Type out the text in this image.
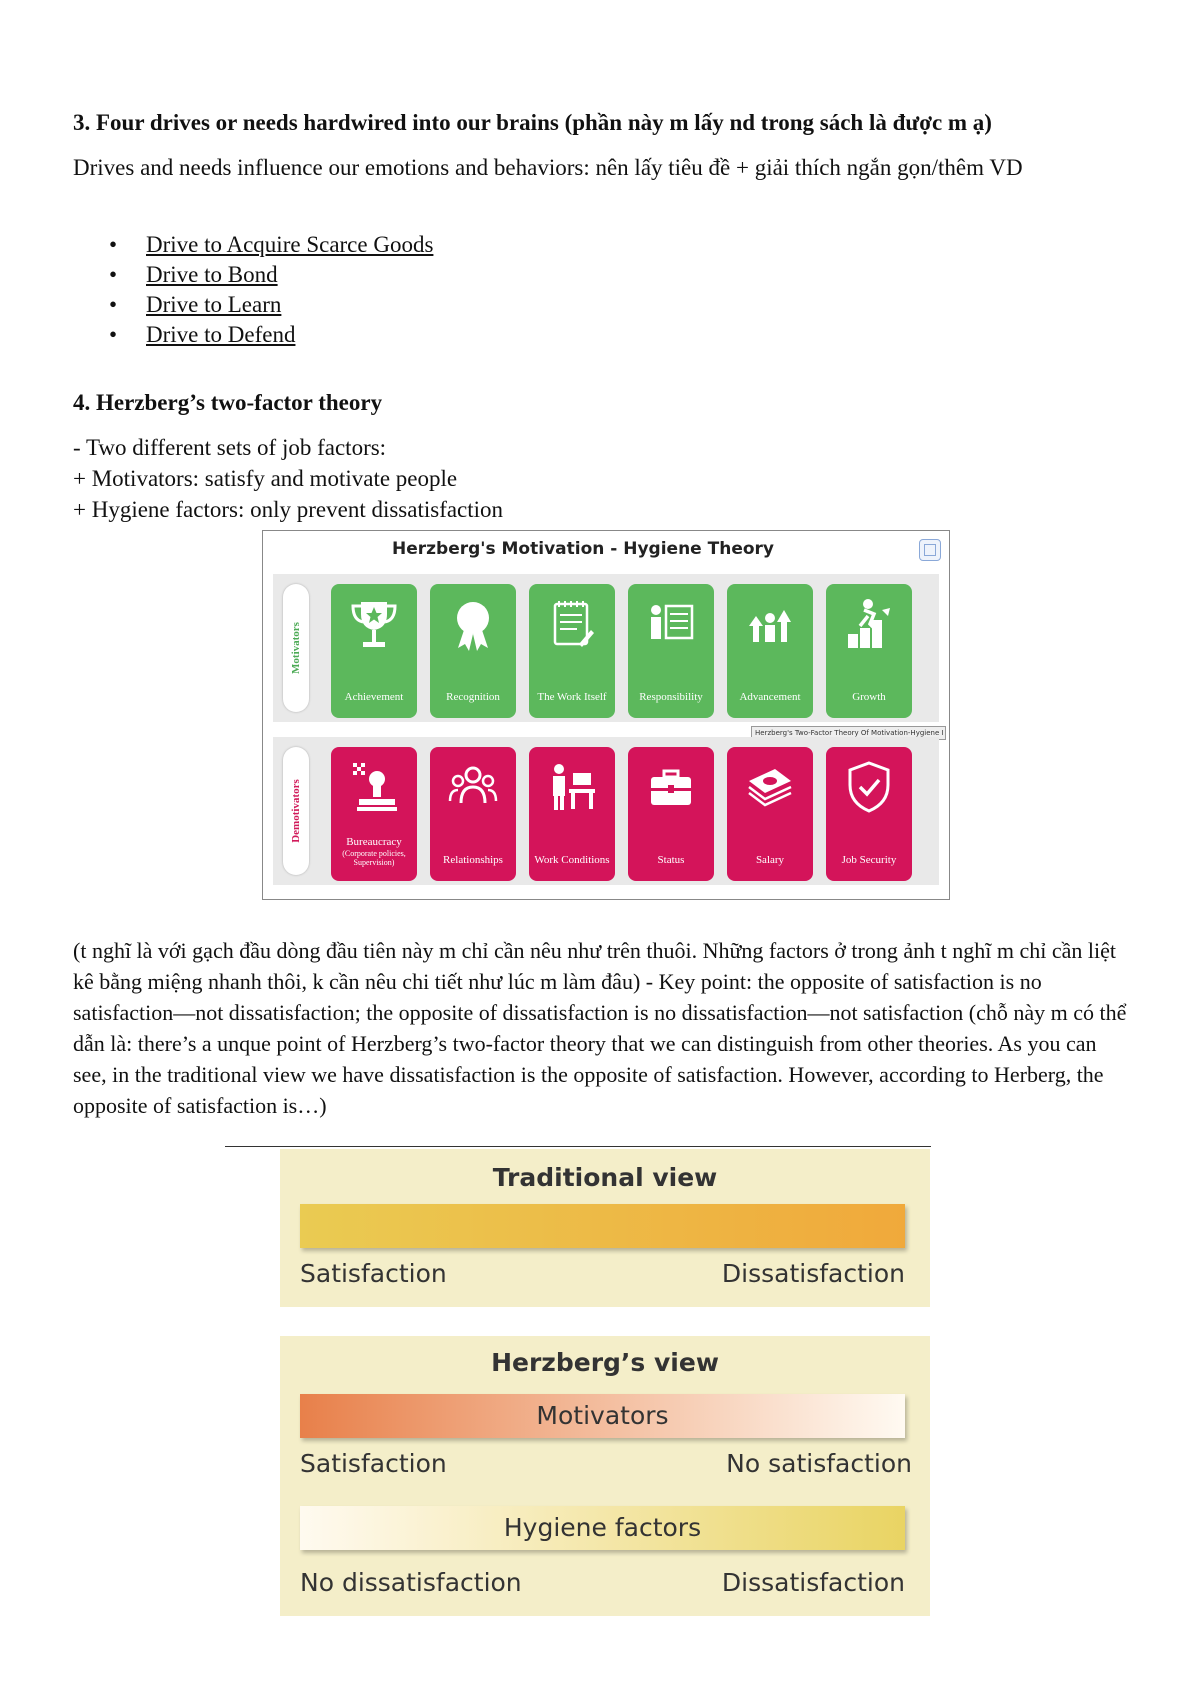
3. Four drives or needs hardwired into our brains (phần này m lấy nd trong sách là được m ạ)
Drives and needs influence our emotions and behaviors: nên lấy tiêu đề + giải thích ngắn gọn/thêm VD
• Drive to Acquire Scarce Goods
• Drive to Bond
• Drive to Learn
• Drive to Defend
4. Herzberg’s two-factor theory
- Two different sets of job factors:
+ Motivators: satisfy and motivate people
+ Hygiene factors: only prevent dissatisfaction
Herzberg's Motivation - Hygiene Theory
Motivators
Achievement	Recognition	The Work Itself	Responsibility	Advancement	Growth
Herzberg's Two-Factor Theory Of Motivation-Hygiene I
Demotivators	Bureaucracy
(Corporate policies, Supervision)	Relationships	Work Conditions	Status	Salary	Job Security
(t nghĩ là với gạch đầu dòng đầu tiên này m chỉ cần nêu như trên thuôi. Những factors ở trong ảnh t nghĩ m chỉ cần liệt kê bằng miệng nhanh thôi, k cần nêu chi tiết như lúc m làm đâu) - Key point: the opposite of satisfaction is no satisfaction—not dissatisfaction; the opposite of dissatisfaction is no dissatisfaction—not satisfaction (chỗ này m có thể dẫn là: there’s a unque point of Herzberg’s two-factor theory that we can distinguish from other theories. As you can see, in the traditional view we have dissatisfaction is the opposite of satisfaction. However, according to Herberg, the opposite of satisfaction is…)
Traditional view
Satisfaction	Dissatisfaction
Herzberg’s view
Motivators
Satisfaction	No satisfaction
Hygiene factors
No dissatisfaction	Dissatisfaction
